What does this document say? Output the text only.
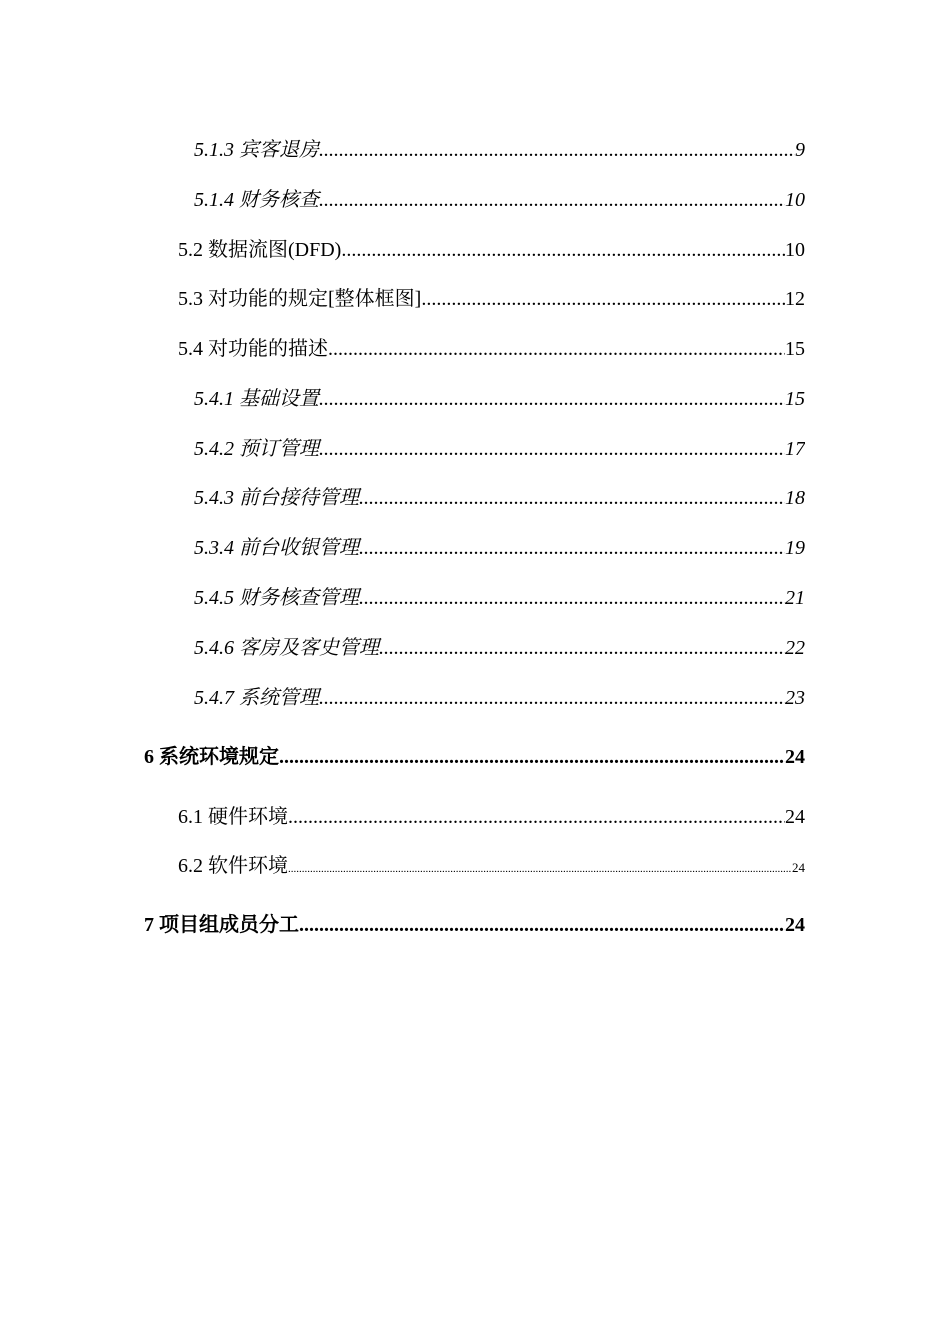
5.1.3 宾客退房 .....	9
5.1.4 财务核查 .....	10
5.2 数据流图(DFD) .....	10
5.3 对功能的规定[整体框图] .....	12
5.4 对功能的描述 .....	15
5.4.1 基础设置 .....	15
5.4.2 预订管理 .....	17
5.4.3 前台接待管理 .....	18
5.3.4 前台收银管理 .....	19
5.4.5 财务核查管理 .....	21
5.4.6 客房及客史管理 .....	22
5.4.7 系统管理 .....	23
6 系统环境规定 .....	24
6.1 硬件环境 .....	24
6.2 软件环境 .....	24
7 项目组成员分工 .....	24
